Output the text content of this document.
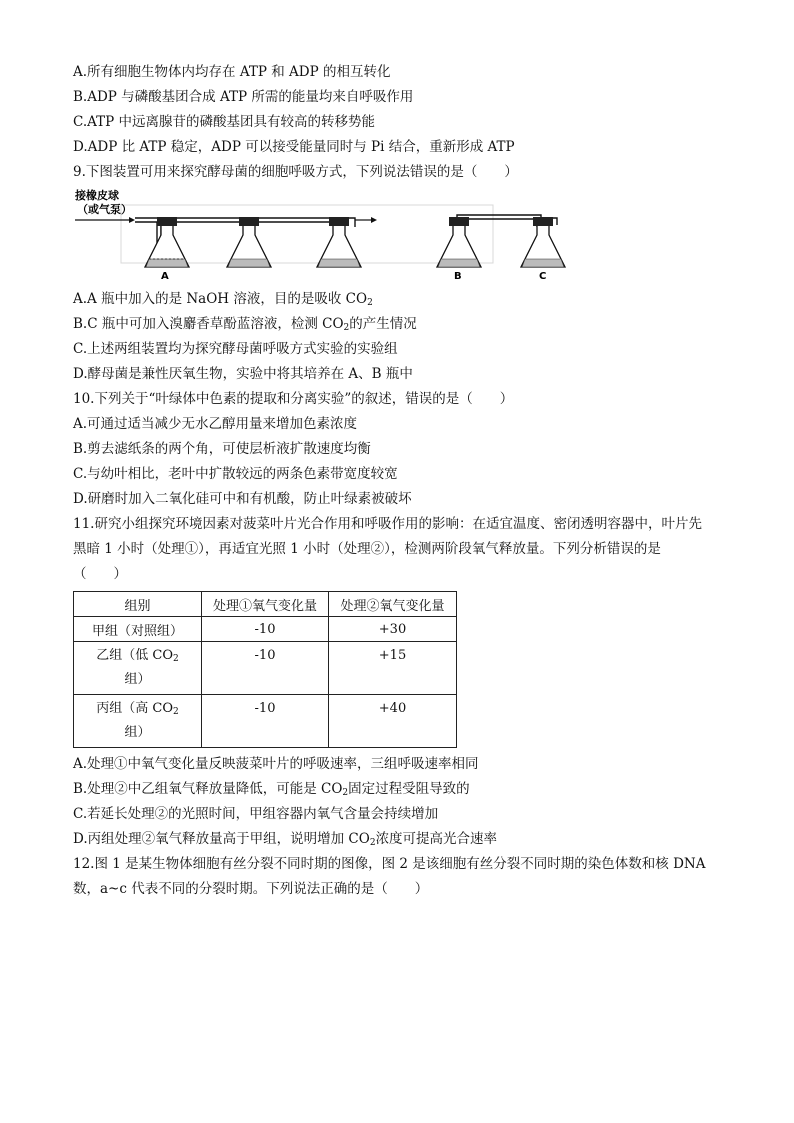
A.所有细胞生物体内均存在 ATP 和 ADP 的相互转化
B.ADP 与磷酸基团合成 ATP 所需的能量均来自呼吸作用
C.ATP 中远离腺苷的磷酸基团具有较高的转移势能
D.ADP 比 ATP 稳定，ADP 可以接受能量同时与 Pi 结合，重新形成 ATP
9.下图装置可用来探究酵母菌的细胞呼吸方式，下列说法错误的是（　　）
接橡皮球
（或气泵）
A	B	C
A.A 瓶中加入的是 NaOH 溶液，目的是吸收 $CO_2$
B.C 瓶中可加入溴麝香草酚蓝溶液，检测 $CO_2$的产生情况
C.上述两组装置均为探究酵母菌呼吸方式实验的实验组
D.酵母菌是兼性厌氧生物，实验中将其培养在 A、B 瓶中
10.下列关于“叶绿体中色素的提取和分离实验”的叙述，错误的是（　　）
A.可通过适当减少无水乙醇用量来增加色素浓度
B.剪去滤纸条的两个角，可使层析液扩散速度均衡
C.与幼叶相比，老叶中扩散较远的两条色素带宽度较宽
D.研磨时加入二氧化硅可中和有机酸，防止叶绿素被破坏
11.研究小组探究环境因素对菠菜叶片光合作用和呼吸作用的影响：在适宜温度、密闭透明容器中，叶片先
黑暗 1 小时（处理①），再适宜光照 1 小时（处理②），检测两阶段氧气释放量。下列分析错误的是
（　　）
组别	处理①氧气变化量	处理②氧气变化量
甲组（对照组）	-10	+30
乙组（低 $CO_2$
组）	-10	+15
丙组（高 $CO_2$
组）	-10	+40
A.处理①中氧气变化量反映菠菜叶片的呼吸速率，三组呼吸速率相同
B.处理②中乙组氧气释放量降低，可能是 $CO_2$固定过程受阻导致的
C.若延长处理②的光照时间，甲组容器内氧气含量会持续增加
D.丙组处理②氧气释放量高于甲组，说明增加 $CO_2$浓度可提高光合速率
12.图 1 是某生物体细胞有丝分裂不同时期的图像，图 2 是该细胞有丝分裂不同时期的染色体数和核 DNA
数，a~c 代表不同的分裂时期。下列说法正确的是（　　）
